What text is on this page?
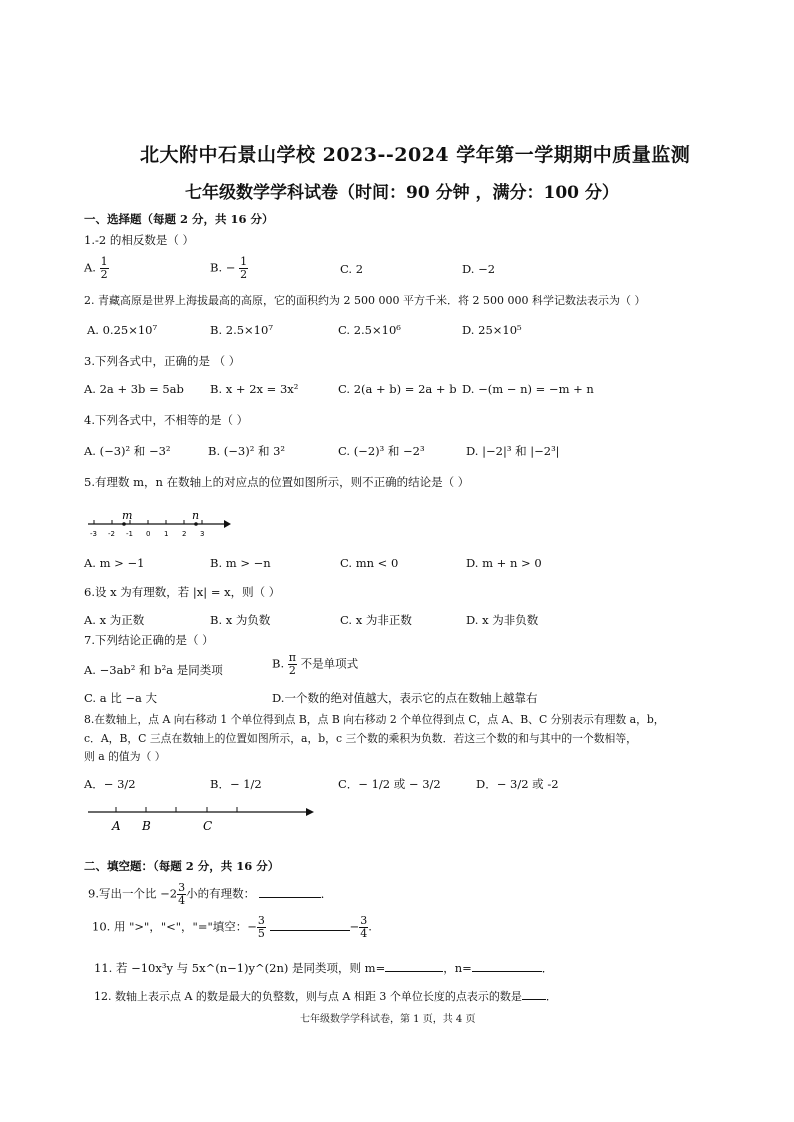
北大附中石景山学校 2023--2024 学年第一学期期中质量监测
七年级数学学科试卷（时间：90 分钟 ，满分：100 分）
一、选择题（每题 2 分，共 16 分）
1.-2 的相反数是（ ）
A. $\frac{1}{2}$	B. − $\frac{1}{2}$	C. 2	D. −2
2. 青藏高原是世界上海拔最高的高原，它的面积约为 2 500 000 平方千米．将 2 500 000 科学记数法表示为（ ）
A. 0.25×10⁷	B. 2.5×10⁷	C. 2.5×10⁶	D. 25×10⁵
3.下列各式中，正确的是 （ ）
A. 2a + 3b = 5ab B. x + 2x = 3x²	C. 2(a + b) = 2a + b D. −(m − n) = −m + n
4.下列各式中，不相等的是（ ）
A. (−3)² 和 −3²	B. (−3)² 和 3²	C. (−2)³ 和 −2³	D. |−2|³ 和 |−2³|
5.有理数 m，n 在数轴上的对应点的位置如图所示，则不正确的结论是（ ）
m	n
-3 -2 -1 0 1 2 3
A. m > −1	B. m > −n	C. mn < 0	D. m + n > 0
6.设 x 为有理数，若 |x| = x，则（ ）
A. x 为正数	B. x 为负数	C. x 为非正数	D. x 为非负数
7.下列结论正确的是（ ）
A. −3ab² 和 b²a 是同类项	B. $\frac{\pi}{2}$ 不是单项式
C. a 比 −a 大	D.一个数的绝对值越大，表示它的点在数轴上越靠右
8.在数轴上，点 A 向右移动 1 个单位得到点 B，点 B 向右移动 2 个单位得到点 C，点 A、B、C 分别表示有理数 a，b，
c．A，B，C 三点在数轴上的位置如图所示，a，b，c 三个数的乘积为负数．若这三个数的和与其中的一个数相等，
则 a 的值为（ ）
A．− 3/2	B．− 1/2	C．− 1/2 或 − 3/2	D．− 3/2 或 -2
A B	C
二、填空题：（每题 2 分，共 16 分）
9.写出一个比 $-2 \frac{3}{4}$ 小的有理数：	．
10. 用 ">"，"<"，"="填空：− $\frac{3}{5}$	− $\frac{3}{4}$ .
11. 若 −10x³y 与 5x^(n−1)y^(2n) 是同类项，则 m=	，n=	．
12. 数轴上表示点 A 的数是最大的负整数，则与点 A 相距 3 个单位长度的点表示的数是 ．
七年级数学学科试卷，第 1 页，共 4 页
